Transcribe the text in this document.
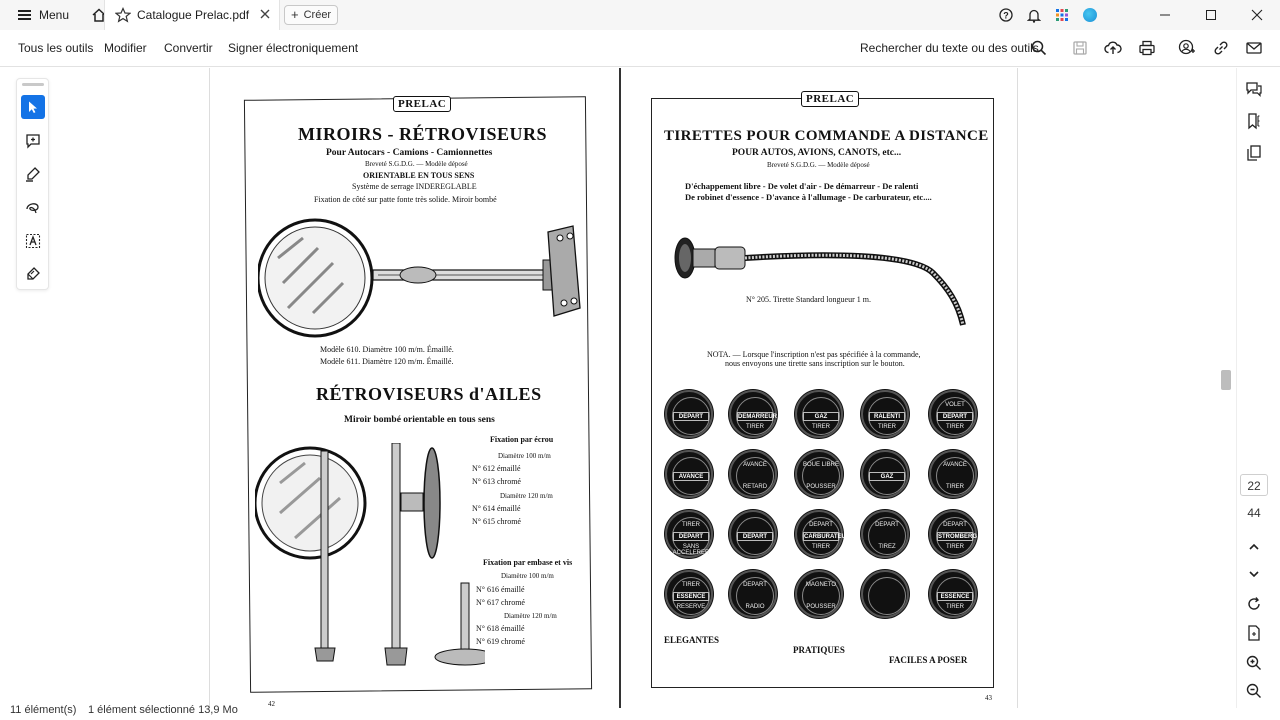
Menu	Catalogue Prelac.pdf	+ Créer	?
Tous les outils Modifier Convertir Signer électroniquement	Rechercher du texte ou des outils
PRELAC
MIROIRS - RÉTROVISEURS
Pour Autocars - Camions - Camionnettes
Breveté S.G.D.G. — Modèle déposé
ORIENTABLE EN TOUS SENS
Système de serrage INDEREGLABLE
Fixation de côté sur patte fonte très solide. Miroir bombé
Modèle 610. Diamètre 100 m/m. Émaillé.
Modèle 611. Diamètre 120 m/m. Émaillé.
RÉTROVISEURS d'AILES
Miroir bombé orientable en tous sens
Fixation par écrou
Diamètre 100 m/m
N° 612 émaillé
N° 613 chromé
Diamètre 120 m/m
N° 614 émaillé
N° 615 chromé
Fixation par embase et vis
Diamètre 100 m/m
N° 616 émaillé
N° 617 chromé
Diamètre 120 m/m
N° 618 émaillé
N° 619 chromé
42
PRELAC
TIRETTES POUR COMMANDE A DISTANCE
POUR AUTOS, AVIONS, CANOTS, etc...
Breveté S.G.D.G. — Modèle déposé
D'échappement libre - De volet d'air - De démarreur - De ralenti
De robinet d'essence - D'avance à l'allumage - De carburateur, etc....
N° 205. Tirette Standard longueur 1 m.
NOTA. — Lorsque l'inscription n'est pas spécifiée à la commande,
nous envoyons une tirette sans inscription sur le bouton.
DEPART	DEMARREUR
TIRER
GAZ
TIRER
RALENTI
TIRER
VOLET
DEPART
TIRER
AVANCE
AVANCE
RETARD
BOUE LIBRE
POUSSER
GAZ
AVANCE
TIRER
TIRER
DEPART
SANS ACCELERER
DEPART
DEPART
CARBURATEUR
TIRER
DEPART
TIREZ
DEPART
STROMBERG
TIRER
TIRER
ESSENCE
RESERVE
DEPART
RADIO
MAGNETO
POUSSER
ESSENCE
TIRER
ELEGANTES
PRATIQUES
FACILES A POSER
43
22
44
11 élément(s) 1 élément sélectionné 13,9 Mo
